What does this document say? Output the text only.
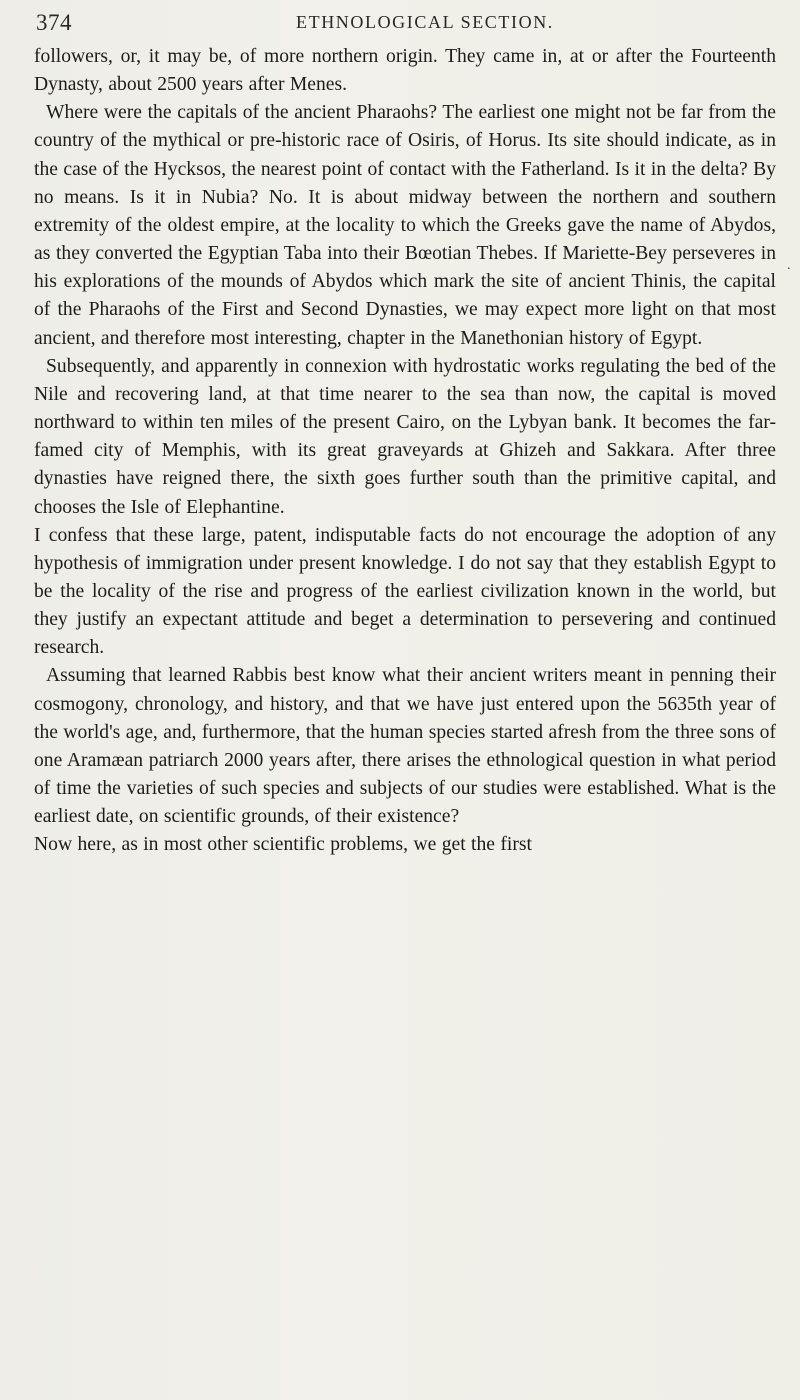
374	ETHNOLOGICAL SECTION.

followers, or, it may be, of more northern origin. They came in, at or after the Fourteenth Dynasty, about 2500 years after Menes.

Where were the capitals of the ancient Pharaohs? The earliest one might not be far from the country of the mythical or pre-historic race of Osiris, of Horus. Its site should indicate, as in the case of the Hycksos, the nearest point of contact with the Fatherland. Is it in the delta? By no means. Is it in Nubia? No. It is about midway between the northern and southern extremity of the oldest empire, at the locality to which the Greeks gave the name of Abydos, as they converted the Egyptian Taba into their Bœotian Thebes. If Mariette-Bey perseveres in his explorations of the mounds of Abydos which mark the site of ancient Thinis, the capital of the Pharaohs of the First and Second Dynasties, we may expect more light on that most ancient, and therefore most interesting, chapter in the Manethonian history of Egypt.

Subsequently, and apparently in connexion with hydrostatic works regulating the bed of the Nile and recovering land, at that time nearer to the sea than now, the capital is moved northward to within ten miles of the present Cairo, on the Lybyan bank. It becomes the far-famed city of Memphis, with its great graveyards at Ghizeh and Sakkara. After three dynasties have reigned there, the sixth goes further south than the primitive capital, and chooses the Isle of Elephantine.

I confess that these large, patent, indisputable facts do not encourage the adoption of any hypothesis of immigration under present knowledge. I do not say that they establish Egypt to be the locality of the rise and progress of the earliest civilization known in the world, but they justify an expectant attitude and beget a determination to persevering and continued research.

Assuming that learned Rabbis best know what their ancient writers meant in penning their cosmogony, chronology, and history, and that we have just entered upon the 5635th year of the world's age, and, furthermore, that the human species started afresh from the three sons of one Aramæan patriarch 2000 years after, there arises the ethnological question in what period of time the varieties of such species and subjects of our studies were established. What is the earliest date, on scientific grounds, of their existence?

Now here, as in most other scientific problems, we get the first

.
